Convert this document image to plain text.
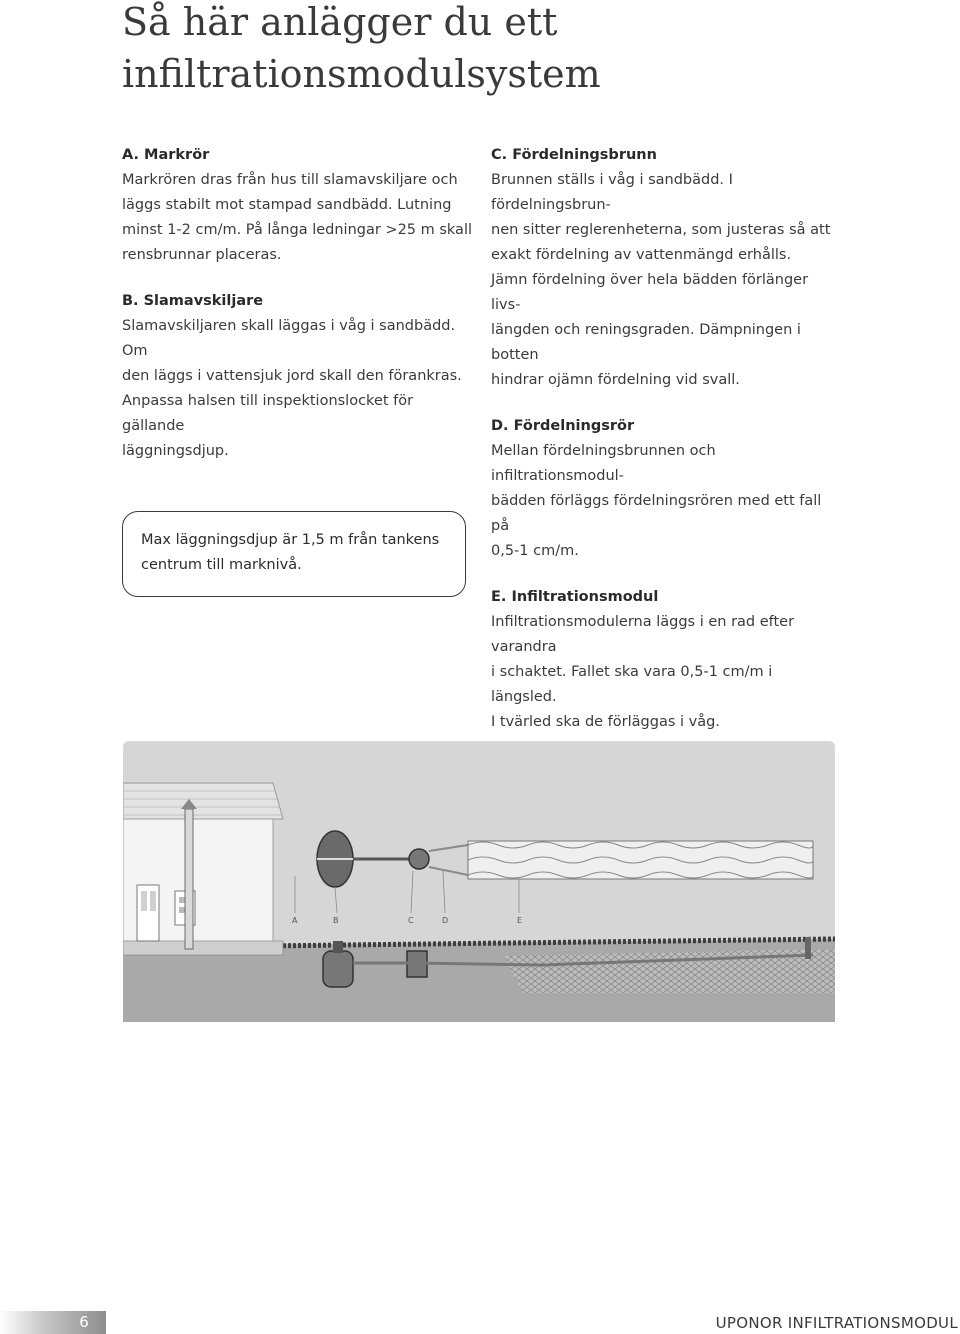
Så här anlägger du ett
infiltrationsmodulsystem
A. Markrör

Markrören dras från hus till slamavskiljare och
läggs stabilt mot stampad sandbädd. Lutning
minst 1-2 cm/m. På långa ledningar >25 m skall
rensbrunnar placeras.

B. Slamavskiljare

Slamavskiljaren skall läggas i våg i sandbädd. Om
den läggs i vattensjuk jord skall den förankras.
Anpassa halsen till inspektionslocket för gällande
läggningsdjup.

Max läggningsdjup är 1,5 m från tankens
centrum till marknivå.
C. Fördelningsbrunn

Brunnen ställs i våg i sandbädd. I fördelningsbrun-
nen sitter reglerenheterna, som justeras så att
exakt fördelning av vattenmängd erhålls.

Jämn fördelning över hela bädden förlänger livs-
längden och reningsgraden. Dämpningen i botten
hindrar ojämn fördelning vid svall.

D. Fördelningsrör

Mellan fördelningsbrunnen och infiltrationsmodul-
bädden förläggs fördelningsrören med ett fall på
0,5-1 cm/m.

E. Infiltrationsmodul

Infiltrationsmodulerna läggs i en rad efter varandra
i schaktet. Fallet ska vara 0,5-1 cm/m i längsled.
I tvärled ska de förläggas i våg.

A	B	C	D	E
6	UPONOR INFILTRATIONSMODUL
